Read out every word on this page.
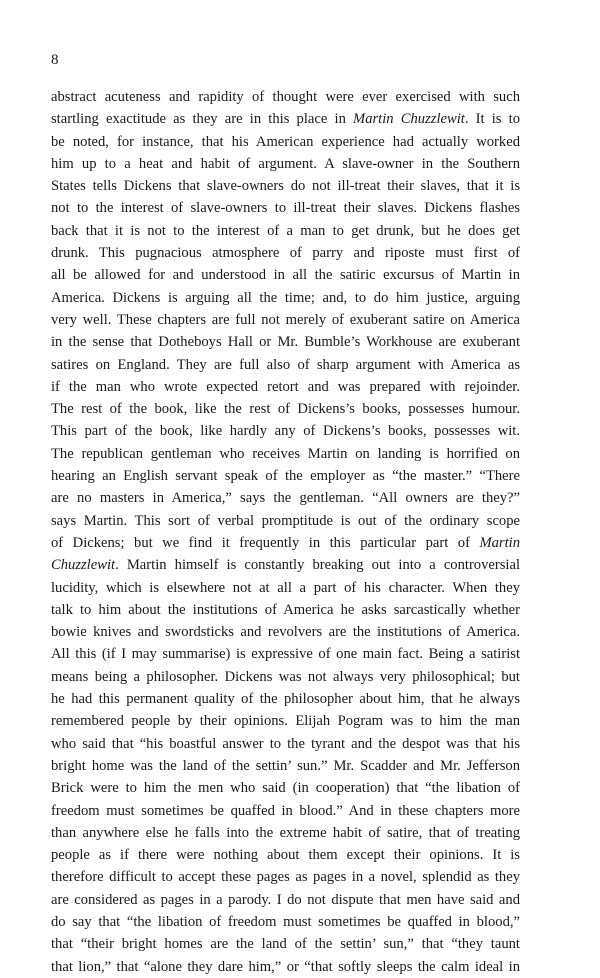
8
abstract acuteness and rapidity of thought were ever exercised with such
startling exactitude as they are in this place in Martin Chuzzlewit. It is to
be noted, for instance, that his American experience had actually worked
him up to a heat and habit of argument. A slave-owner in the Southern
States tells Dickens that slave-owners do not ill-treat their slaves, that it is
not to the interest of slave-owners to ill-treat their slaves. Dickens flashes
back that it is not to the interest of a man to get drunk, but he does get
drunk. This pugnacious atmosphere of parry and riposte must first of
all be allowed for and understood in all the satiric excursus of Martin in
America. Dickens is arguing all the time; and, to do him justice, arguing
very well. These chapters are full not merely of exuberant satire on America
in the sense that Dotheboys Hall or Mr. Bumble’s Workhouse are exuberant
satires on England. They are full also of sharp argument with America as
if the man who wrote expected retort and was prepared with rejoinder.
The rest of the book, like the rest of Dickens’s books, possesses humour.
This part of the book, like hardly any of Dickens’s books, possesses wit.
The republican gentleman who receives Martin on landing is horrified on
hearing an English servant speak of the employer as “the master.” “There
are no masters in America,” says the gentleman. “All owners are they?”
says Martin. This sort of verbal promptitude is out of the ordinary scope
of Dickens; but we find it frequently in this particular part of Martin
Chuzzlewit. Martin himself is constantly breaking out into a controversial
lucidity, which is elsewhere not at all a part of his character. When they
talk to him about the institutions of America he asks sarcastically whether
bowie knives and swordsticks and revolvers are the institutions of America.
All this (if I may summarise) is expressive of one main fact. Being a satirist
means being a philosopher. Dickens was not always very philosophical; but
he had this permanent quality of the philosopher about him, that he always
remembered people by their opinions. Elijah Pogram was to him the man
who said that “his boastful answer to the tyrant and the despot was that his
bright home was the land of the settin’ sun.” Mr. Scadder and Mr. Jefferson
Brick were to him the men who said (in cooperation) that “the libation of
freedom must sometimes be quaffed in blood.” And in these chapters more
than anywhere else he falls into the extreme habit of satire, that of treating
people as if there were nothing about them except their opinions. It is
therefore difficult to accept these pages as pages in a novel, splendid as they
are considered as pages in a parody. I do not dispute that men have said and
do say that “the libation of freedom must sometimes be quaffed in blood,”
that “their bright homes are the land of the settin’ sun,” that “they taunt
that lion,” that “alone they dare him,” or “that softly sleeps the calm ideal in
